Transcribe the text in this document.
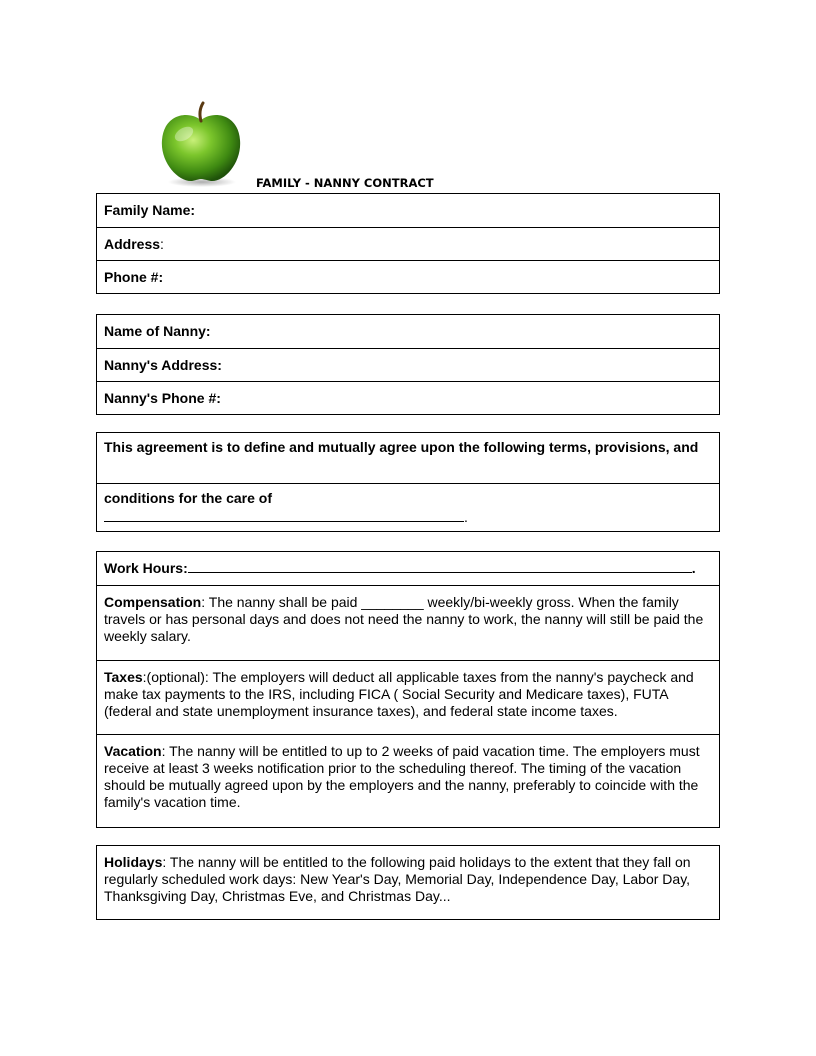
FAMILY - NANNY CONTRACT
Family Name:
Address:
Phone #:
Name of Nanny:
Nanny's Address:
Nanny's Phone #:
This agreement is to define and mutually agree upon the following terms, provisions, and
conditions for the care of
.
Work Hours:	.
Compensation: The nanny shall be paid ________ weekly/bi-weekly gross. When the family travels or has personal days and does not need the nanny to work, the nanny will still be paid the weekly salary.
Taxes:(optional): The employers will deduct all applicable taxes from the nanny's paycheck and make tax payments to the IRS, including FICA ( Social Security and Medicare taxes), FUTA (federal and state unemployment insurance taxes), and federal state income taxes.
Vacation: The nanny will be entitled to up to 2 weeks of paid vacation time. The employers must receive at least 3 weeks notification prior to the scheduling thereof. The timing of the vacation should be mutually agreed upon by the employers and the nanny, preferably to coincide with the family's vacation time.
Holidays: The nanny will be entitled to the following paid holidays to the extent that they fall on regularly scheduled work days: New Year's Day, Memorial Day, Independence Day, Labor Day, Thanksgiving Day, Christmas Eve, and Christmas Day...
